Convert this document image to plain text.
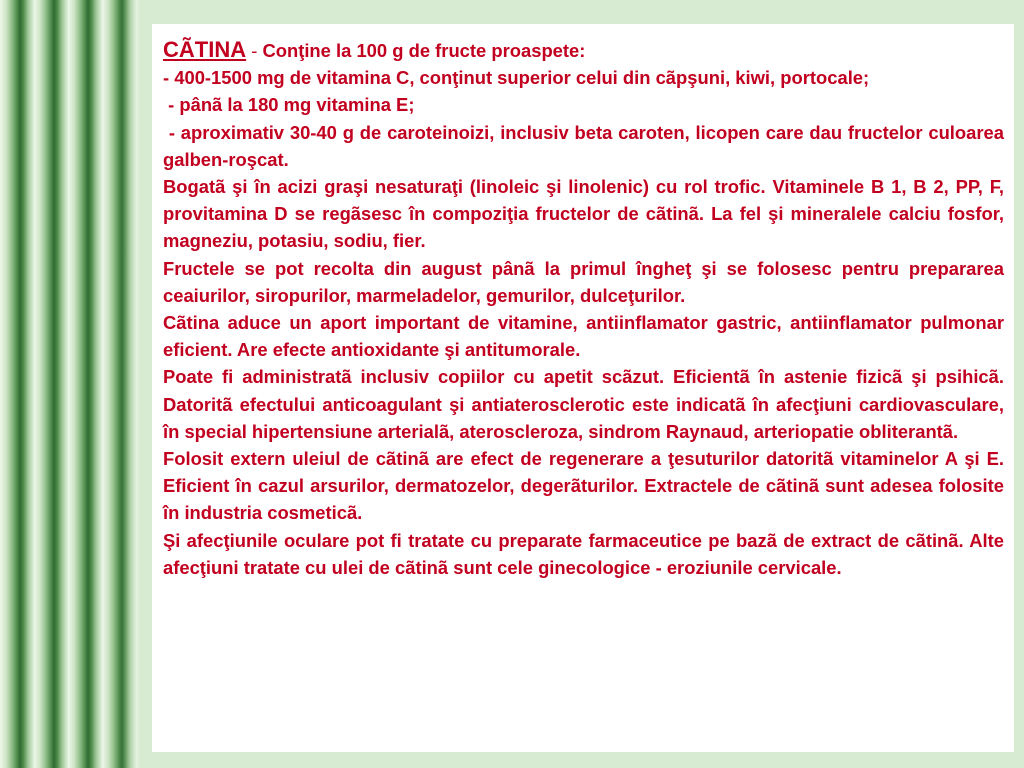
CÃTINA - Conţine la 100 g de fructe proaspete:

- 400-1500 mg de vitamina C, conţinut superior celui din cãpşuni, kiwi, portocale;

- pânã la 180 mg vitamina E;

- aproximativ 30-40 g de caroteinoizi, inclusiv beta caroten, licopen care dau fructelor culoarea galben-roşcat.

Bogatã şi în acizi graşi nesaturaţi (linoleic şi linolenic) cu rol trofic. Vitaminele B 1, B 2, PP, F, provitamina D se regãsesc în compoziţia fructelor de cãtinã. La fel şi mineralele calciu fosfor, magneziu, potasiu, sodiu, fier.

Fructele se pot recolta din august pânã la primul îngheţ şi se folosesc pentru prepararea ceaiurilor, siropurilor, marmeladelor, gemurilor, dulceţurilor.

Cãtina aduce un aport important de vitamine, antiinflamator gastric, antiinflamator pulmonar eficient. Are efecte antioxidante şi antitumorale.

Poate fi administratã inclusiv copiilor cu apetit scãzut. Eficientã în astenie fizicã şi psihicã. Datoritã efectului anticoagulant şi antiaterosclerotic este indicatã în afecţiuni cardiovasculare, în special hipertensiune arterialã, ateroscleroza, sindrom Raynaud, arteriopatie obliterantã.

Folosit extern uleiul de cãtinã are efect de regenerare a ţesuturilor datoritã vitaminelor A şi E. Eficient în cazul arsurilor, dermatozelor, degerãturilor. Extractele de cãtinã sunt adesea folosite în industria cosmeticã.

Şi afecţiunile oculare pot fi tratate cu preparate farmaceutice pe bazã de extract de cãtinã. Alte afecţiuni tratate cu ulei de cãtinã sunt cele ginecologice - eroziunile cervicale.
